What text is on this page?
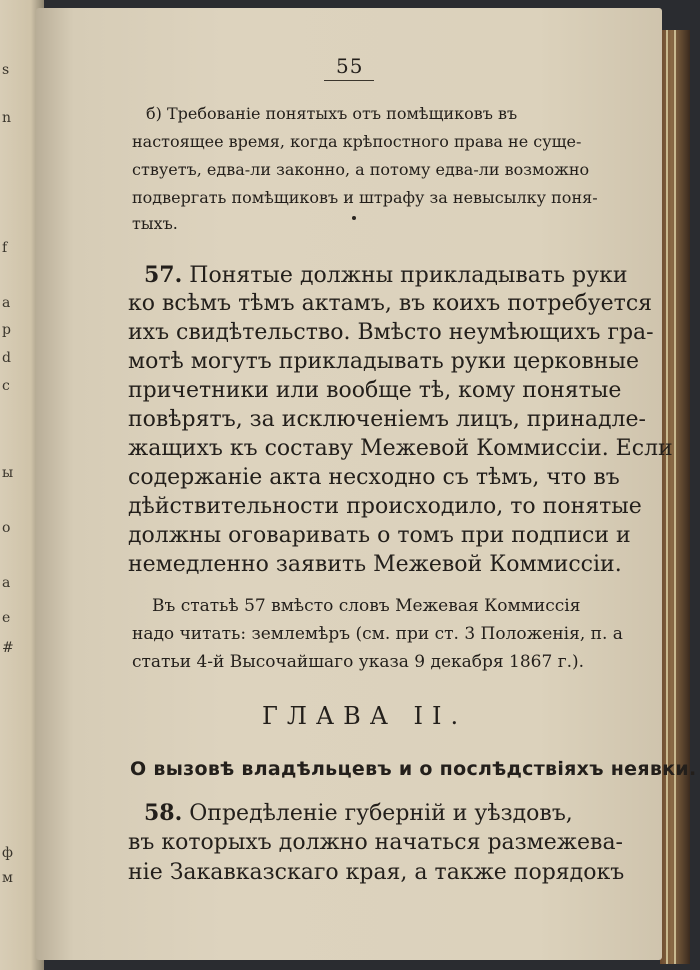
s
n
f
a
р
d
c
ы
о
а
e
#
ф
м
55
б) Требованіе понятыхъ отъ помѣщиковъ въ
настоящее время, когда крѣпостного права не суще-
ствуетъ, едва-ли законно, а потому едва-ли возможно
подвергать помѣщиковъ и штрафу за невысылку поня-
тыхъ.
57. Понятые должны прикладывать руки
ко всѣмъ тѣмъ актамъ, въ коихъ потребуется
ихъ свидѣтельство. Вмѣсто неумѣющихъ гра-
мотѣ могутъ прикладывать руки церковные
причетники или вообще тѣ, кому понятые
повѣрятъ, за исключеніемъ лицъ, принадле-
жащихъ къ составу Межевой Коммиссіи. Если
содержаніе акта несходно съ тѣмъ, что въ
дѣйствительности происходило, то понятые
должны оговаривать о томъ при подписи и
немедленно заявить Межевой Коммиссіи.
Въ статьѣ 57 вмѣсто словъ Межевая Коммиссія
надо читать: землемѣръ (см. при ст. 3 Положенія, п. а
статьи 4-й Высочайшаго указа 9 декабря 1867 г.).
ГЛАВА II.
О вызовѣ владѣльцевъ и о послѣдствіяхъ неявки.
58. Опредѣленіе губерній и уѣздовъ,
въ которыхъ должно начаться размежева-
ніе Закавказскаго края, а также порядокъ
